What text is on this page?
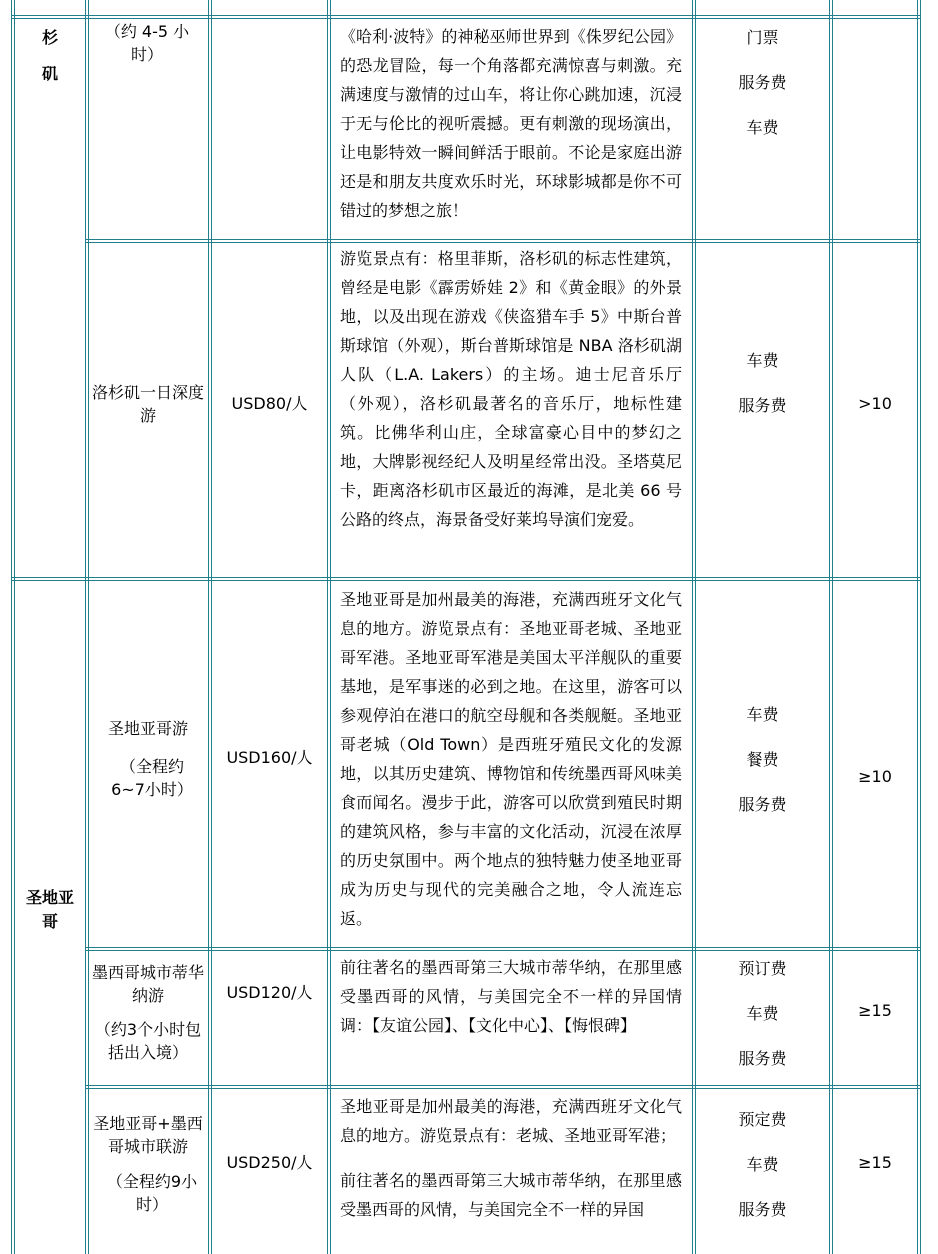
杉
矶
圣地亚
哥
（约 4-5 小时）

《哈利·波特》的神秘巫师世界到《侏罗纪公园》的恐龙冒险，每一个角落都充满惊喜与刺激。充满速度与激情的过山车，将让你心跳加速，沉浸于无与伦比的视听震撼。更有刺激的现场演出，让电影特效一瞬间鲜活于眼前。不论是家庭出游还是和朋友共度欢乐时光，环球影城都是你不可错过的梦想之旅！

门票
服务费
车费
洛杉矶一日深度游
USD80/人

游览景点有：格里菲斯，洛杉矶的标志性建筑，曾经是电影《霹雳娇娃 2》和《黄金眼》的外景地，以及出现在游戏《侠盗猎车手 5》中斯台普斯球馆（外观），斯台普斯球馆是 NBA 洛杉矶湖人队（L.A. Lakers）的主场。迪士尼音乐厅（外观），洛杉矶最著名的音乐厅，地标性建筑。比佛华利山庄，全球富豪心目中的梦幻之地，大牌影视经纪人及明星经常出没。圣塔莫尼卡，距离洛杉矶市区最近的海滩，是北美 66 号公路的终点，海景备受好莱坞导演们宠爱。

车费
服务费	>10
圣地亚哥游
（全程约6~7小时）
USD160/人

圣地亚哥是加州最美的海港，充满西班牙文化气息的地方。游览景点有：圣地亚哥老城、圣地亚哥军港。圣地亚哥军港是美国太平洋舰队的重要基地，是军事迷的必到之地。在这里，游客可以参观停泊在港口的航空母舰和各类舰艇。圣地亚哥老城（Old Town）是西班牙殖民文化的发源地，以其历史建筑、博物馆和传统墨西哥风味美食而闻名。漫步于此，游客可以欣赏到殖民时期的建筑风格，参与丰富的文化活动，沉浸在浓厚的历史氛围中。两个地点的独特魅力使圣地亚哥成为历史与现代的完美融合之地，令人流连忘返。

车费
餐费
服务费
≥10
墨西哥城市蒂华纳游
（约3个小时包括出入境）
USD120/人

前往著名的墨西哥第三大城市蒂华纳，在那里感受墨西哥的风情，与美国完全不一样的异国情调：【友谊公园】、【文化中心】、【悔恨碑】

预订费
车费
服务费
≥15
圣地亚哥+墨西哥城市联游
（全程约9小时）
USD250/人

圣地亚哥是加州最美的海港，充满西班牙文化气息的地方。游览景点有：老城、圣地亚哥军港；

前往著名的墨西哥第三大城市蒂华纳，在那里感受墨西哥的风情，与美国完全不一样的异国

预定费
车费
服务费
≥15
